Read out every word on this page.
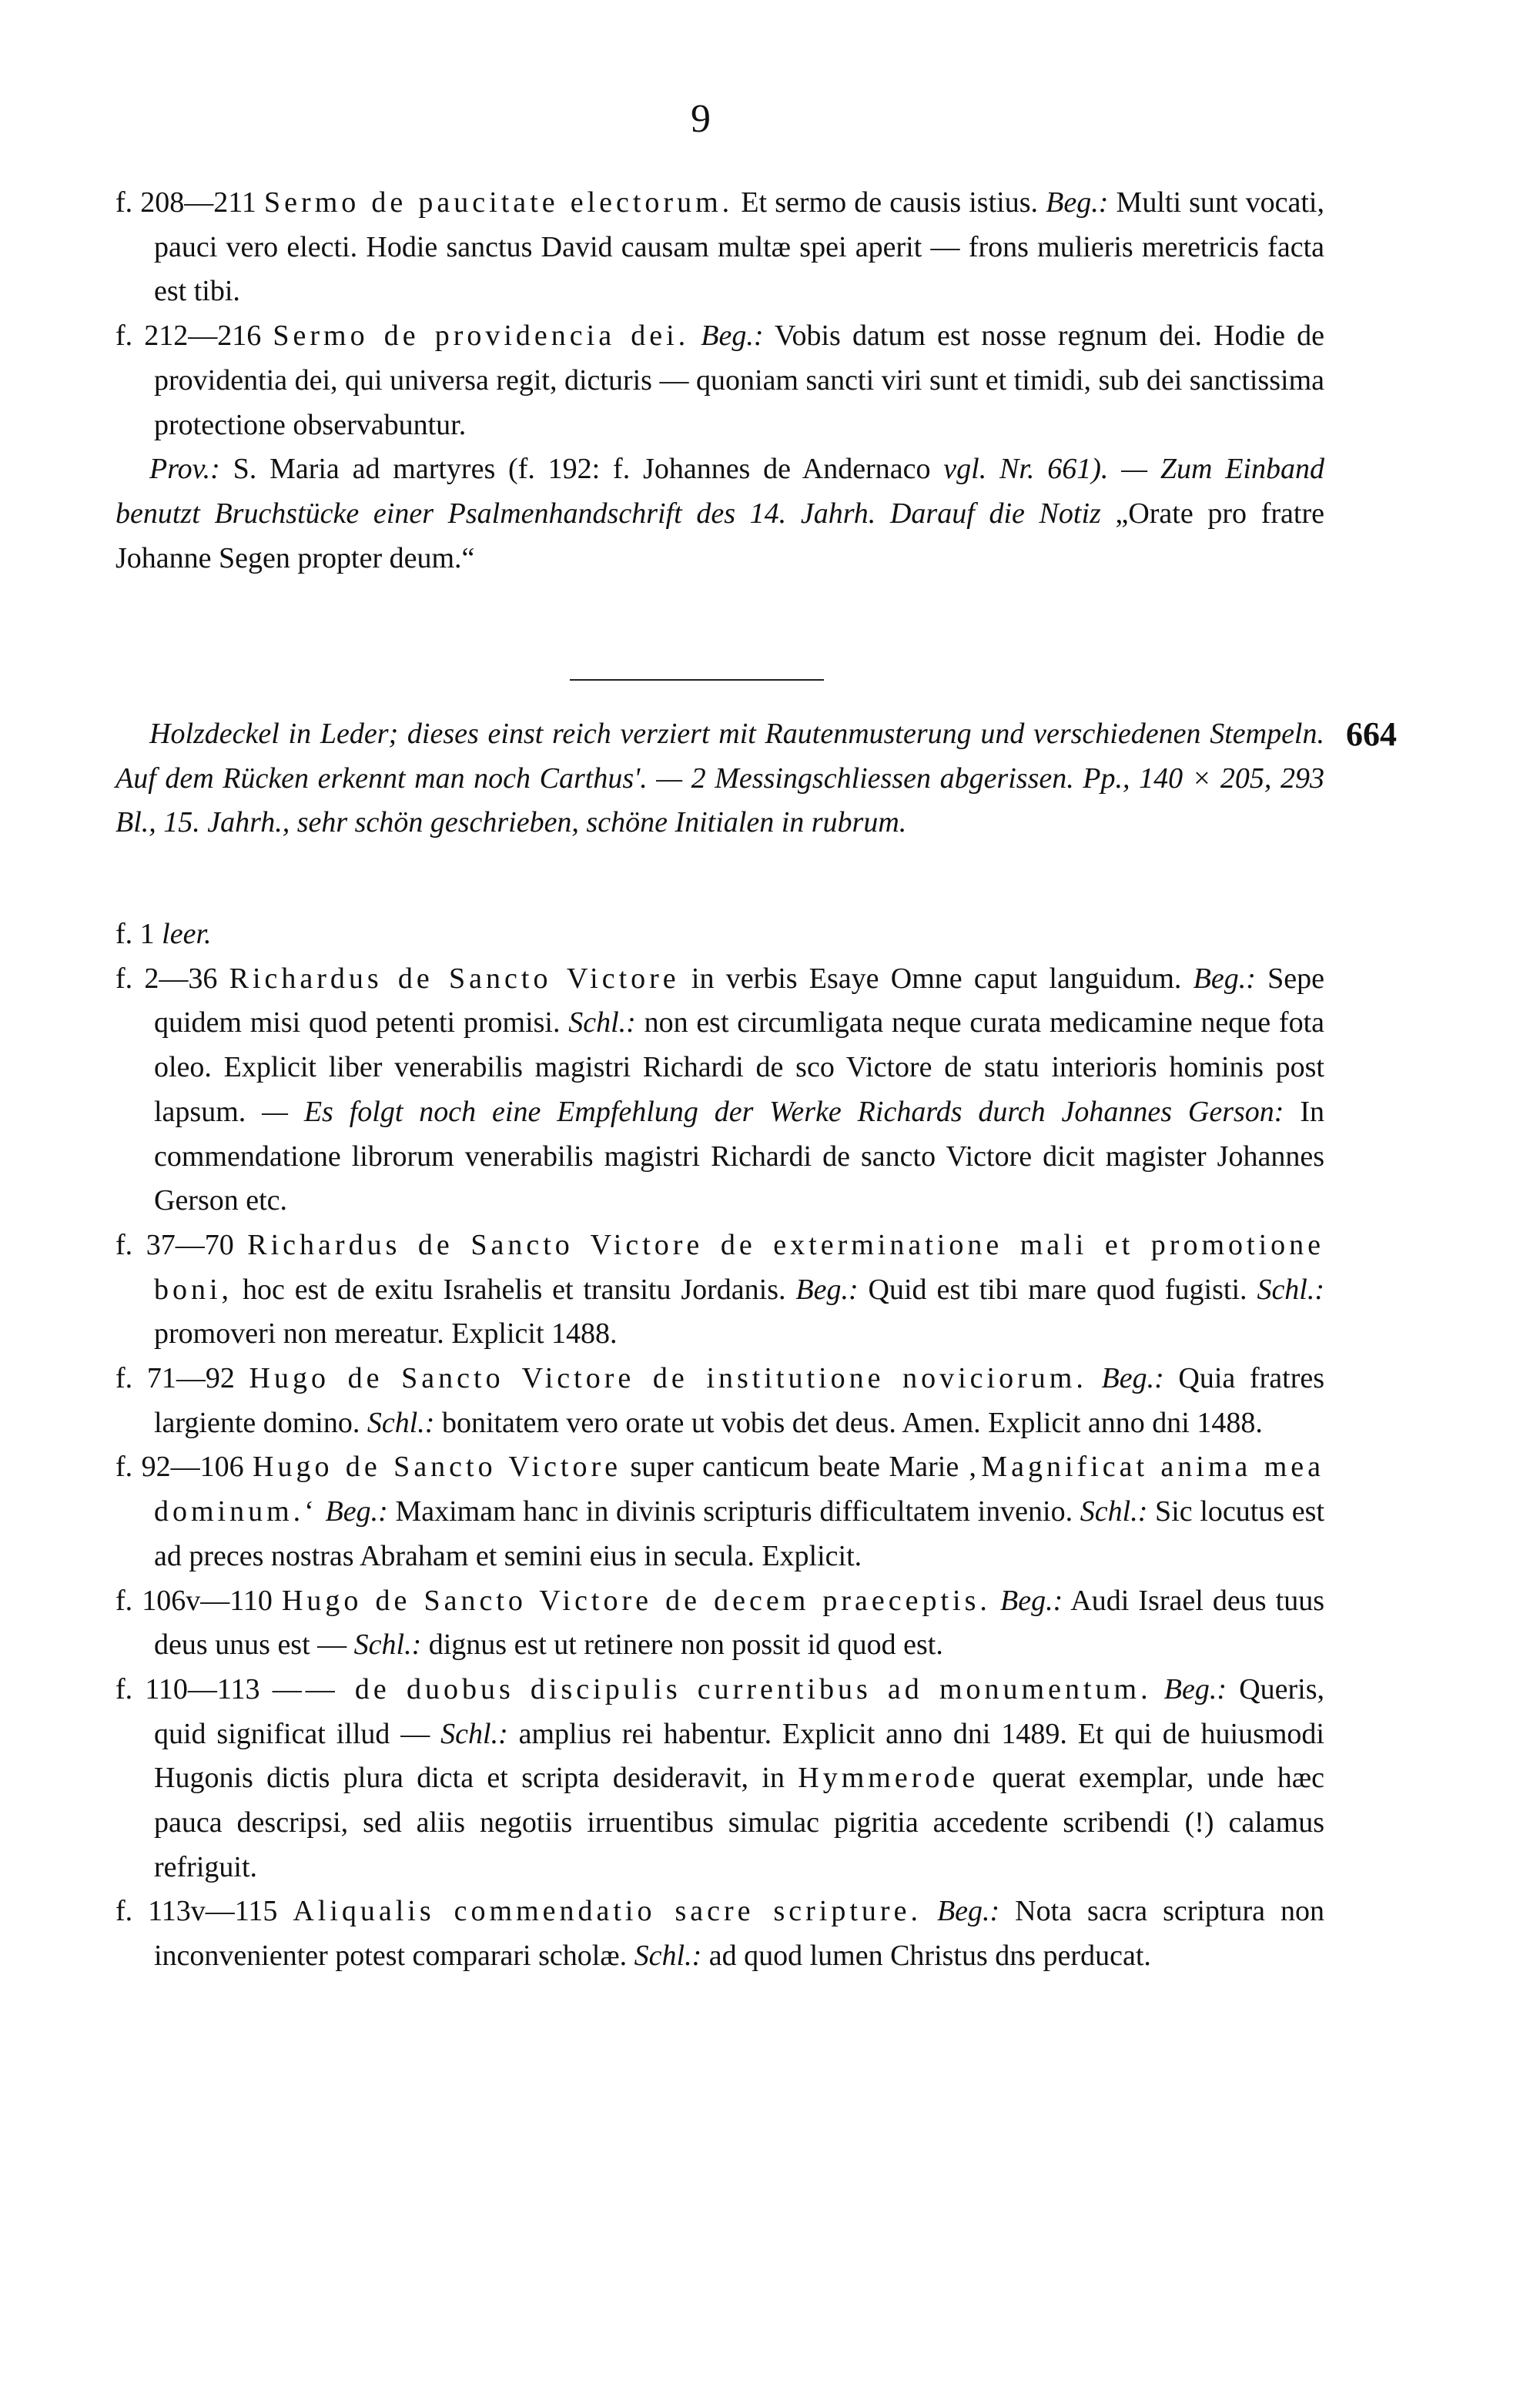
9
f. 208—211 Sermo de paucitate electorum. Et sermo de causis istius. Beg.: Multi sunt vocati, pauci vero electi. Hodie sanctus David causam multæ spei aperit — frons mulieris meretricis facta est tibi.
f. 212—216 Sermo de providencia dei. Beg.: Vobis datum est nosse regnum dei. Hodie de providentia dei, qui universa regit, dicturis — quoniam sancti viri sunt et timidi, sub dei sanctissima protectione observabuntur.
Prov.: S. Maria ad martyres (f. 192: f. Johannes de Andernaco vgl. Nr. 661). — Zum Einband benutzt Bruchstücke einer Psalmenhandschrift des 14. Jahrh. Darauf die Notiz „Orate pro fratre Johanne Segen propter deum.“
664
Holzdeckel in Leder; dieses einst reich verziert mit Rautenmusterung und verschiedenen Stempeln. Auf dem Rücken erkennt man noch Carthus'. — 2 Messingschliessen abgerissen. Pp., 140 × 205, 293 Bl., 15. Jahrh., sehr schön geschrieben, schöne Initialen in rubrum.
f. 1 leer.
f. 2—36 Richardus de Sancto Victore in verbis Esaye Omne caput languidum. Beg.: Sepe quidem misi quod petenti promisi. Schl.: non est circumligata neque curata medicamine neque fota oleo. Explicit liber venerabilis magistri Richardi de sco Victore de statu interioris hominis post lapsum. — Es folgt noch eine Empfehlung der Werke Richards durch Johannes Gerson: In commendatione librorum venerabilis magistri Richardi de sancto Victore dicit magister Johannes Gerson etc.
f. 37—70 Richardus de Sancto Victore de exterminatione mali et promotione boni, hoc est de exitu Israhelis et transitu Jordanis. Beg.: Quid est tibi mare quod fugisti. Schl.: promoveri non mereatur. Explicit 1488.
f. 71—92 Hugo de Sancto Victore de institutione noviciorum. Beg.: Quia fratres largiente domino. Schl.: bonitatem vero orate ut vobis det deus. Amen. Explicit anno dni 1488.
f. 92—106 Hugo de Sancto Victore super canticum beate Marie ‚Magnificat anima mea dominum.‘ Beg.: Maximam hanc in divinis scripturis difficultatem invenio. Schl.: Sic locutus est ad preces nostras Abraham et semini eius in secula. Explicit.
f. 106v—110 Hugo de Sancto Victore de decem praeceptis. Beg.: Audi Israel deus tuus deus unus est — Schl.: dignus est ut retinere non possit id quod est.
f. 110—113 —— de duobus discipulis currentibus ad monumentum. Beg.: Queris, quid significat illud — Schl.: amplius rei habentur. Explicit anno dni 1489. Et qui de huiusmodi Hugonis dictis plura dicta et scripta desideravit, in Hymmerode querat exemplar, unde hæc pauca descripsi, sed aliis negotiis irruentibus simulac pigritia accedente scribendi (!) calamus refriguit.
f. 113v—115 Aliqualis commendatio sacre scripture. Beg.: Nota sacra scriptura non inconvenienter potest comparari scholæ. Schl.: ad quod lumen Christus dns perducat.
